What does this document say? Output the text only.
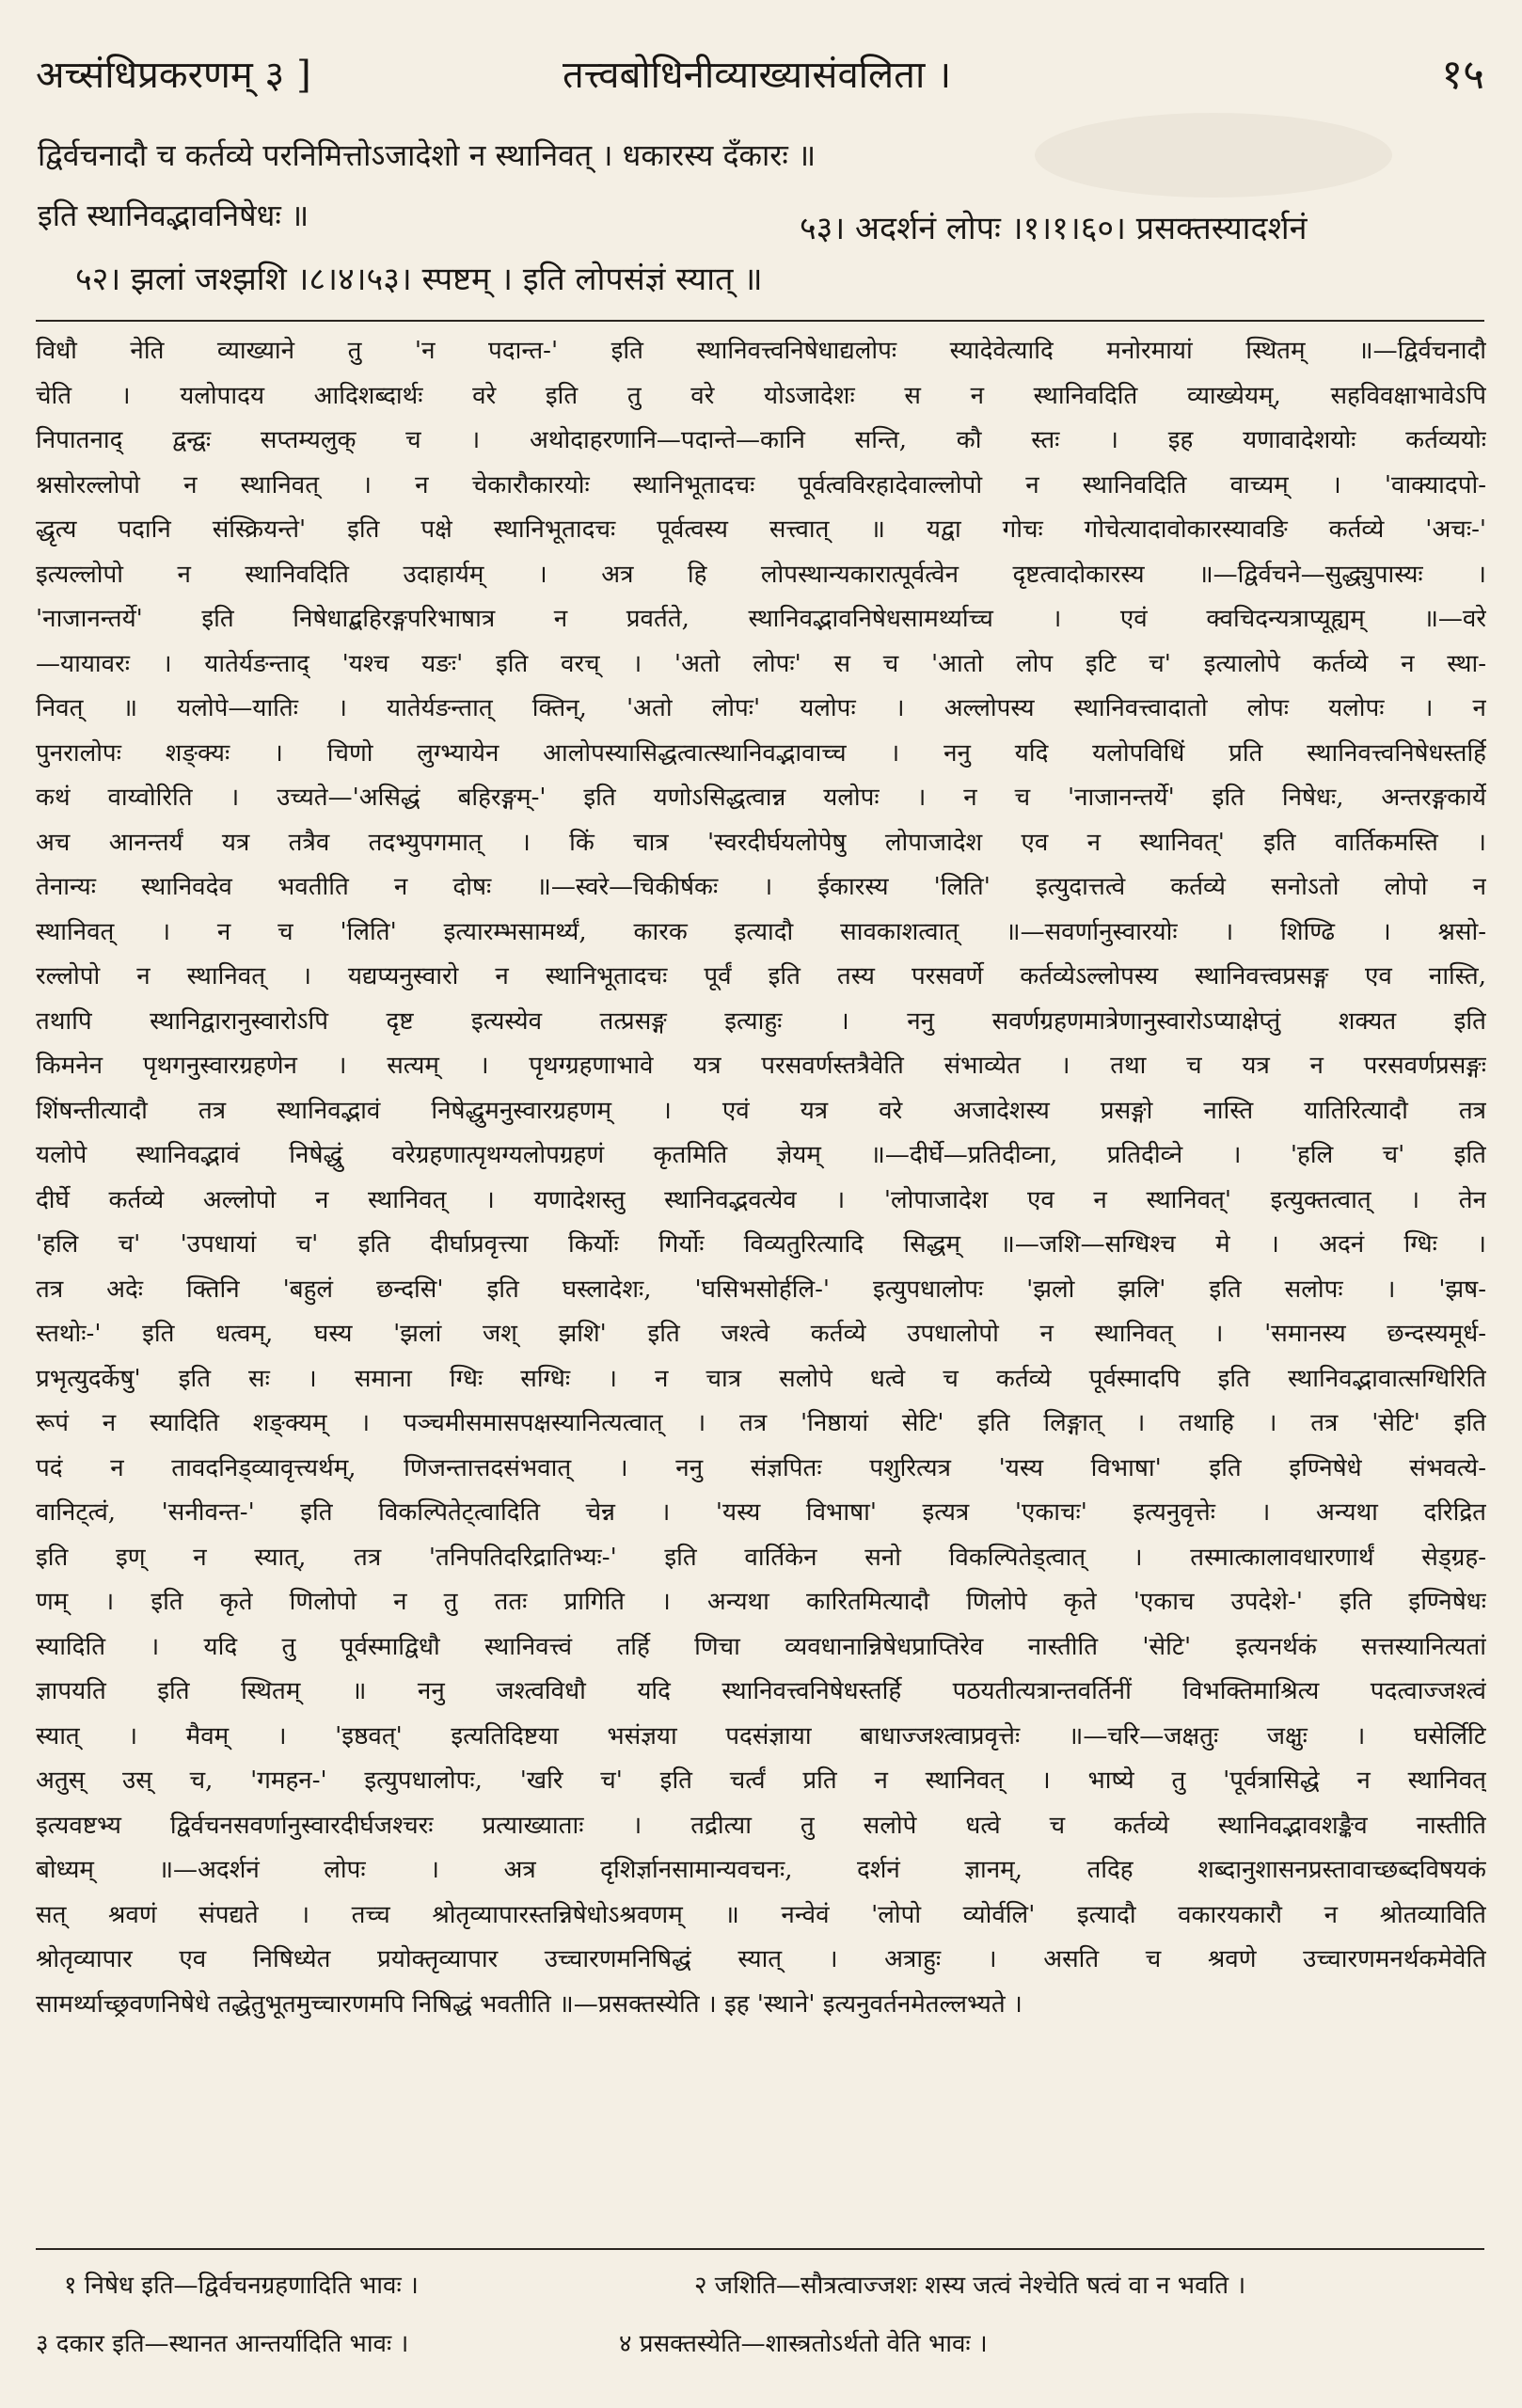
अच्संधिप्रकरणम् ३ ]	तत्त्वबोधिनीव्याख्यासंवलिता ।	१५
द्विर्वचनादौ च कर्तव्ये परनिमित्तोऽजादेशो न स्थानिवत् । धकारस्य दँकारः ॥
इति स्थानिवद्भावनिषेधः ॥	५३। अदर्शनं लोपः ।१।१।६०। प्रसक्तस्यादर्शनं
५२। झलां जश्झशि ।८।४।५३। स्पष्टम् । इति लोपसंज्ञं स्यात् ॥
विधौ नेति व्याख्याने तु 'न पदान्त-' इति स्थानिवत्त्वनिषेधाद्यलोपः स्यादेवेत्यादि मनोरमायां स्थितम् ॥—द्विर्वचनादौ
चेति । यलोपादय आदिशब्दार्थः वरे इति तु वरे योऽजादेशः स न स्थानिवदिति व्याख्येयम्, सहविवक्षाभावेऽपि
निपातनाद् द्वन्द्वः सप्तम्यलुक् च । अथोदाहरणानि—पदान्ते—कानि सन्ति, कौ स्तः । इह यणावादेशयोः कर्तव्ययोः
श्नसोरल्लोपो न स्थानिवत् । न चेकारौकारयोः स्थानिभूतादचः पूर्वत्वविरहादेवाल्लोपो न स्थानिवदिति वाच्यम् । 'वाक्यादपो-
द्धृत्य पदानि संस्क्रियन्ते' इति पक्षे स्थानिभूतादचः पूर्वत्वस्य सत्त्वात् ॥ यद्वा गोचः गोचेत्यादावोकारस्यावङि कर्तव्ये 'अचः-'
इत्यल्लोपो न स्थानिवदिति उदाहार्यम् । अत्र हि लोपस्थान्यकारात्पूर्वत्वेन दृष्टत्वादोकारस्य ॥—द्विर्वचने—सुद्ध्युपास्यः ।
'नाजानन्तर्ये' इति निषेधाद्बहिरङ्गपरिभाषात्र न प्रवर्तते, स्थानिवद्भावनिषेधसामर्थ्याच्च । एवं क्वचिदन्यत्राप्यूह्यम् ॥—वरे
—यायावरः । यातेर्यङन्ताद् 'यश्च यङः' इति वरच् । 'अतो लोपः' स च 'आतो लोप इटि च' इत्यालोपे कर्तव्ये न स्था-
निवत् ॥ यलोपे—यातिः । यातेर्यङन्तात् क्तिन्, 'अतो लोपः' यलोपः । अल्लोपस्य स्थानिवत्त्वादातो लोपः यलोपः । न
पुनरालोपः शङ्क्यः । चिणो लुग्भ्यायेन आलोपस्यासिद्धत्वात्स्थानिवद्भावाच्च । ननु यदि यलोपविधिं प्रति स्थानिवत्त्वनिषेधस्तर्हि
कथं वाय्वोरिति । उच्यते—'असिद्धं बहिरङ्गम्-' इति यणोऽसिद्धत्वान्न यलोपः । न च 'नाजानन्तर्ये' इति निषेधः, अन्तरङ्गकार्ये
अच आनन्तर्यं यत्र तत्रैव तदभ्युपगमात् । किं चात्र 'स्वरदीर्घयलोपेषु लोपाजादेश एव न स्थानिवत्' इति वार्तिकमस्ति ।
तेनान्यः स्थानिवदेव भवतीति न दोषः ॥—स्वरे—चिकीर्षकः । ईकारस्य 'लिति' इत्युदात्तत्वे कर्तव्ये सनोऽतो लोपो न
स्थानिवत् । न च 'लिति' इत्यारम्भसामर्थ्यं, कारक इत्यादौ सावकाशत्वात् ॥—सवर्णानुस्वारयोः । शिण्ढि । श्नसो-
रल्लोपो न स्थानिवत् । यद्यप्यनुस्वारो न स्थानिभूतादचः पूर्वं इति तस्य परसवर्णे कर्तव्येऽल्लोपस्य स्थानिवत्त्वप्रसङ्ग एव नास्ति,
तथापि स्थानिद्वारानुस्वारोऽपि दृष्ट इत्यस्येव तत्प्रसङ्ग इत्याहुः । ननु सवर्णग्रहणमात्रेणानुस्वारोऽप्याक्षेप्तुं शक्यत इति
किमनेन पृथगनुस्वारग्रहणेन । सत्यम् । पृथग्ग्रहणाभावे यत्र परसवर्णस्तत्रैवेति संभाव्येत । तथा च यत्र न परसवर्णप्रसङ्गः
शिंषन्तीत्यादौ तत्र स्थानिवद्भावं निषेद्धुमनुस्वारग्रहणम् । एवं यत्र वरे अजादेशस्य प्रसङ्गो नास्ति यातिरित्यादौ तत्र
यलोपे स्थानिवद्भावं निषेद्धुं वरेग्रहणात्पृथग्यलोपग्रहणं कृतमिति ज्ञेयम् ॥—दीर्घे—प्रतिदीव्ना, प्रतिदीव्ने । 'हलि च' इति
दीर्घे कर्तव्ये अल्लोपो न स्थानिवत् । यणादेशस्तु स्थानिवद्भवत्येव । 'लोपाजादेश एव न स्थानिवत्' इत्युक्तत्वात् । तेन
'हलि च' 'उपधायां च' इति दीर्घाप्रवृत्त्या किर्योः गिर्योः विव्यतुरित्यादि सिद्धम् ॥—जशि—सग्धिश्च मे । अदनं ग्धिः ।
तत्र अदेः क्तिनि 'बहुलं छन्दसि' इति घस्लादेशः, 'घसिभसोर्हलि-' इत्युपधालोपः 'झलो झलि' इति सलोपः । 'झष-
स्तथोः-' इति धत्वम्, घस्य 'झलां जश् झशि' इति जश्त्वे कर्तव्ये उपधालोपो न स्थानिवत् । 'समानस्य छन्दस्यमूर्ध-
प्रभृत्युदर्केषु' इति सः । समाना ग्धिः सग्धिः । न चात्र सलोपे धत्वे च कर्तव्ये पूर्वस्मादपि इति स्थानिवद्भावात्सग्धिरिति
रूपं न स्यादिति शङ्क्यम् । पञ्चमीसमासपक्षस्यानित्यत्वात् । तत्र 'निष्ठायां सेटि' इति लिङ्गात् । तथाहि । तत्र 'सेटि' इति
पदं न तावदनिड्व्यावृत्त्यर्थम्, णिजन्तात्तदसंभवात् । ननु संज्ञपितः पशुरित्यत्र 'यस्य विभाषा' इति इण्निषेधे संभवत्ये-
वानिट्त्वं, 'सनीवन्त-' इति विकल्पितेट्त्वादिति चेन्न । 'यस्य विभाषा' इत्यत्र 'एकाचः' इत्यनुवृत्तेः । अन्यथा दरिद्रित
इति इण् न स्यात्, तत्र 'तनिपतिदरिद्रातिभ्यः-' इति वार्तिकेन सनो विकल्पितेड्त्वात् । तस्मात्कालावधारणार्थं सेड्ग्रह-
णम् । इति कृते णिलोपो न तु ततः प्रागिति । अन्यथा कारितमित्यादौ णिलोपे कृते 'एकाच उपदेशे-' इति इण्निषेधः
स्यादिति । यदि तु पूर्वस्माद्विधौ स्थानिवत्त्वं तर्हि णिचा व्यवधानान्निषेधप्राप्तिरेव नास्तीति 'सेटि' इत्यनर्थकं सत्तस्यानित्यतां
ज्ञापयति इति स्थितम् ॥ ननु जश्त्वविधौ यदि स्थानिवत्त्वनिषेधस्तर्हि पठयतीत्यत्रान्तवर्तिनीं विभक्तिमाश्रित्य पदत्वाज्जश्त्वं
स्यात् । मैवम् । 'इष्ठवत्' इत्यतिदिष्टया भसंज्ञया पदसंज्ञाया बाधाज्जश्त्वाप्रवृत्तेः ॥—चरि—जक्षतुः जक्षुः । घसेर्लिटि
अतुस् उस् च, 'गमहन-' इत्युपधालोपः, 'खरि च' इति चर्त्वं प्रति न स्थानिवत् । भाष्ये तु 'पूर्वत्रासिद्धे न स्थानिवत्
इत्यवष्टभ्य द्विर्वचनसवर्णानुस्वारदीर्घजश्चरः प्रत्याख्याताः । तद्रीत्या तु सलोपे धत्वे च कर्तव्ये स्थानिवद्भावशङ्कैव नास्तीति
बोध्यम् ॥—अदर्शनं लोपः । अत्र दृशिर्ज्ञानसामान्यवचनः, दर्शनं ज्ञानम्, तदिह शब्दानुशासनप्रस्तावाच्छब्दविषयकं
सत् श्रवणं संपद्यते । तच्च श्रोतृव्यापारस्तन्निषेधोऽश्रवणम् ॥ नन्वेवं 'लोपो व्योर्वलि' इत्यादौ वकारयकारौ न श्रोतव्याविति
श्रोतृव्यापार एव निषिध्येत प्रयोक्तृव्यापार उच्चारणमनिषिद्धं स्यात् । अत्राहुः । असति च श्रवणे उच्चारणमनर्थकमेवेति
सामर्थ्याच्छ्रवणनिषेधे तद्धेतुभूतमुच्चारणमपि निषिद्धं भवतीति ॥—प्रसक्तस्येति । इह 'स्थाने' इत्यनुवर्तनमेतल्लभ्यते ।
१ निषेध इति—द्विर्वचनग्रहणादिति भावः ।	२ जशिति—सौत्रत्वाज्जशः शस्य जत्वं नेश्चेति षत्वं वा न भवति ।
३ दकार इति—स्थानत आन्तर्यादिति भावः ।	४ प्रसक्तस्येति—शास्त्रतोऽर्थतो वेति भावः ।
